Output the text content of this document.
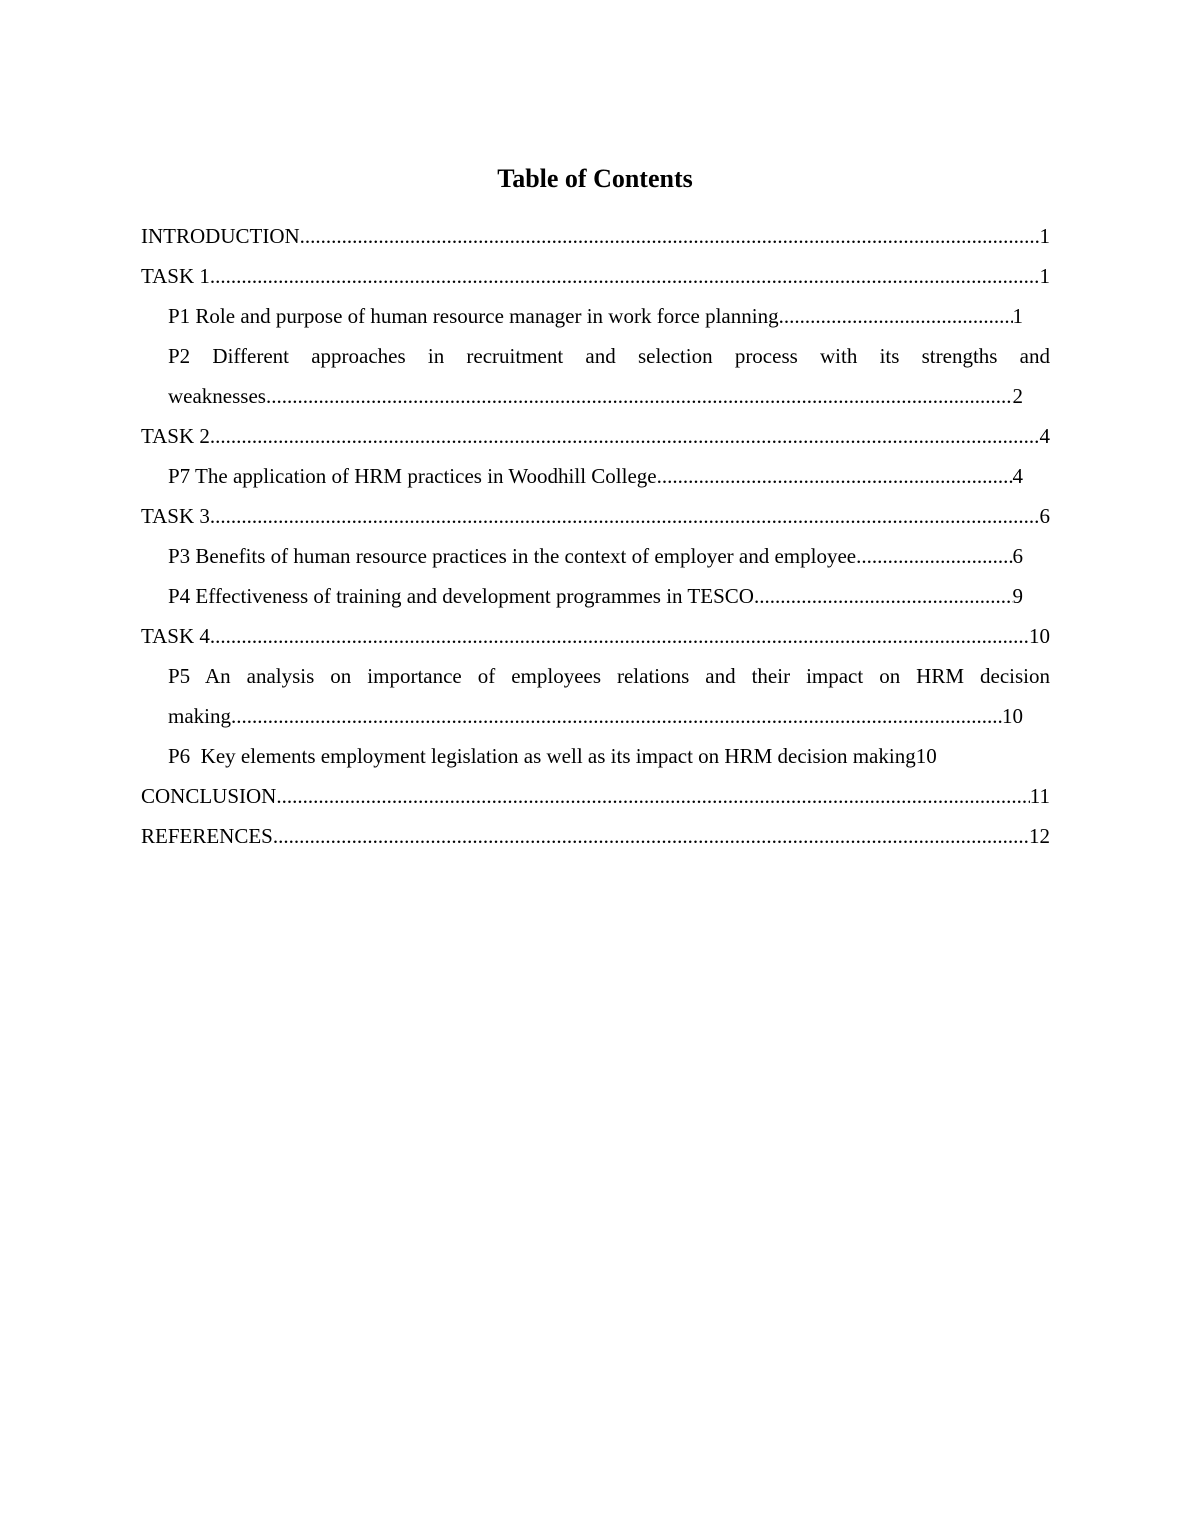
Table of Contents
INTRODUCTION .....	1
TASK 1 .....	1
P1 Role and purpose of human resource manager in work force planning .....	1
P2 Different approaches in recruitment and selection process with its strengths and
weaknesses .....	2
TASK 2 .....	4
P7 The application of HRM practices in Woodhill College .....	4
TASK 3 .....	6
P3 Benefits of human resource practices in the context of employer and employee .....	6
P4 Effectiveness of training and development programmes in TESCO .....	9
TASK 4 .....	10
P5 An analysis on importance of employees relations and their impact on HRM decision
making .....	10
P6  Key elements employment legislation as well as its impact on HRM decision making 10
CONCLUSION .....	11
REFERENCES .....	12
